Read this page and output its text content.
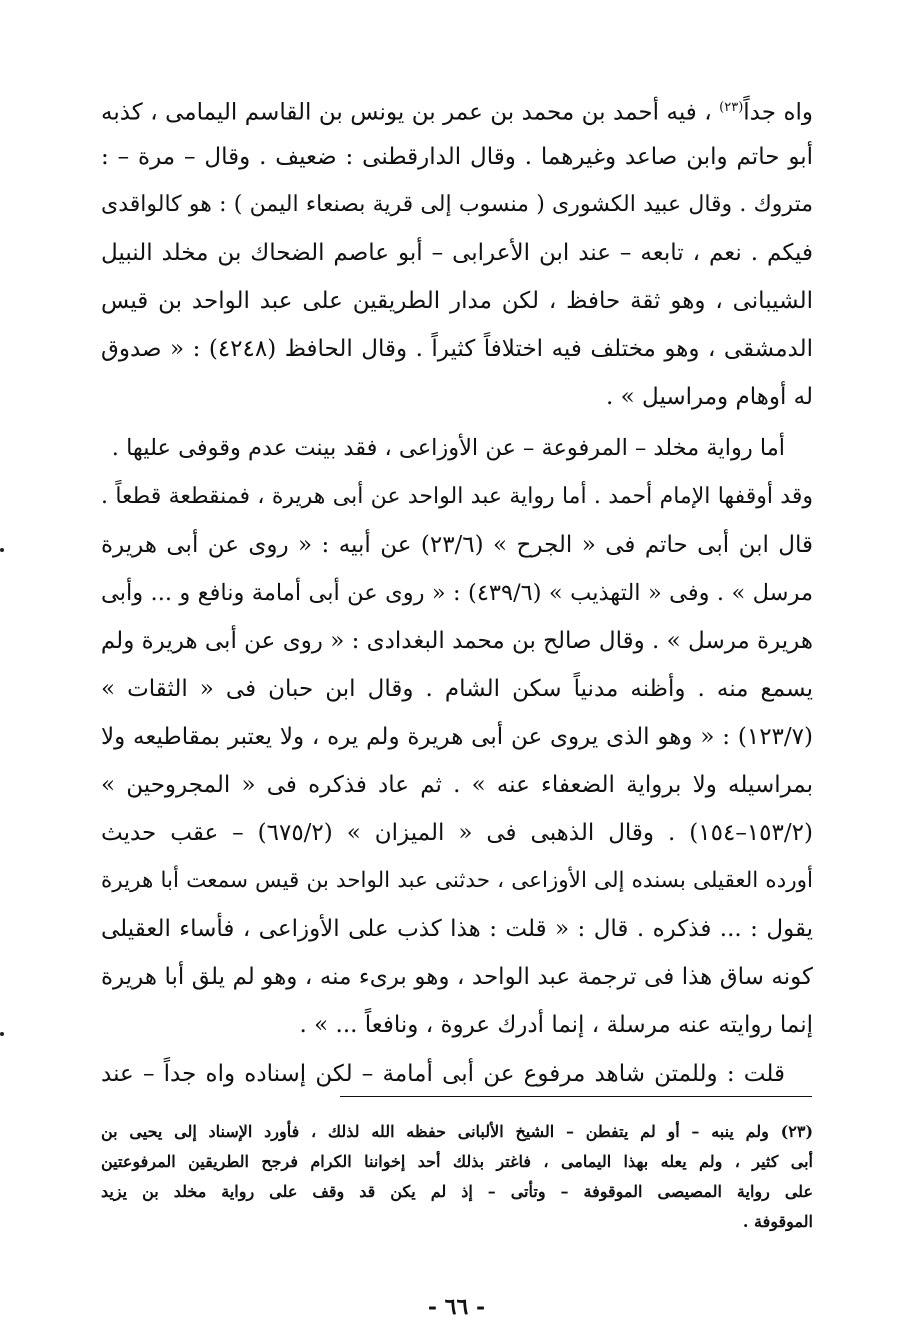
واه جداً$^{(٢٣)}$ ، فيه أحمد بن محمد بن عمر بن يونس بن القاسم اليمامى ، كذبه
أبو حاتم وابن صاعد وغيرهما . وقال الدارقطنى : ضعيف . وقال – مرة – :
متروك . وقال عبيد الكشورى ( منسوب إلى قرية بصنعاء اليمن ) : هو كالواقدى
فيكم . نعم ، تابعه – عند ابن الأعرابى – أبو عاصم الضحاك بن مخلد النبيل
الشيبانى ، وهو ثقة حافظ ، لكن مدار الطريقين على عبد الواحد بن قيس
الدمشقى ، وهو مختلف فيه اختلافاً كثيراً . وقال الحافظ (٤٢٤٨) : « صدوق
له أوهام ومراسيل » .
أما رواية مخلد – المرفوعة – عن الأوزاعى ، فقد بينت عدم وقوفى عليها .
وقد أوقفها الإمام أحمد . أما رواية عبد الواحد عن أبى هريرة ، فمنقطعة قطعاً .
قال ابن أبى حاتم فى « الجرح » (٢٣/٦) عن أبيه : « روى عن أبى هريرة
مرسل » . وفى « التهذيب » (٤٣٩/٦) : « روى عن أبى أمامة ونافع و ... وأبى
هريرة مرسل » . وقال صالح بن محمد البغدادى : « روى عن أبى هريرة ولم
يسمع منه . وأظنه مدنياً سكن الشام . وقال ابن حبان فى « الثقات »
(١٢٣/٧) : « وهو الذى يروى عن أبى هريرة ولم يره ، ولا يعتبر بمقاطيعه ولا
بمراسيله ولا برواية الضعفاء عنه » . ثم عاد فذكره فى « المجروحين »
(١٥٣/٢–١٥٤) . وقال الذهبى فى « الميزان » (٦٧٥/٢) – عقب حديث
أورده العقيلى بسنده إلى الأوزاعى ، حدثنى عبد الواحد بن قيس سمعت أبا هريرة
يقول : ... فذكره . قال : « قلت : هذا كذب على الأوزاعى ، فأساء العقيلى
كونه ساق هذا فى ترجمة عبد الواحد ، وهو برىء منه ، وهو لم يلق أبا هريرة
إنما روايته عنه مرسلة ، إنما أدرك عروة ، ونافعاً ... » .
قلت : وللمتن شاهد مرفوع عن أبى أمامة – لكن إسناده واه جداً – عند
(٢٣) ولم ينبه – أو لم يتفطن – الشيخ الألبانى حفظه الله لذلك ، فأورد الإسناد إلى يحيى بن
أبى كثير ، ولم يعله بهذا اليمامى ، فاغتر بذلك أحد إخواننا الكرام فرجح الطريقين المرفوعتين
على رواية المصيصى الموقوفة – وتأتى – إذ لم يكن قد وقف على رواية مخلد بن يزيد
الموقوفة .
- ٦٦ -
